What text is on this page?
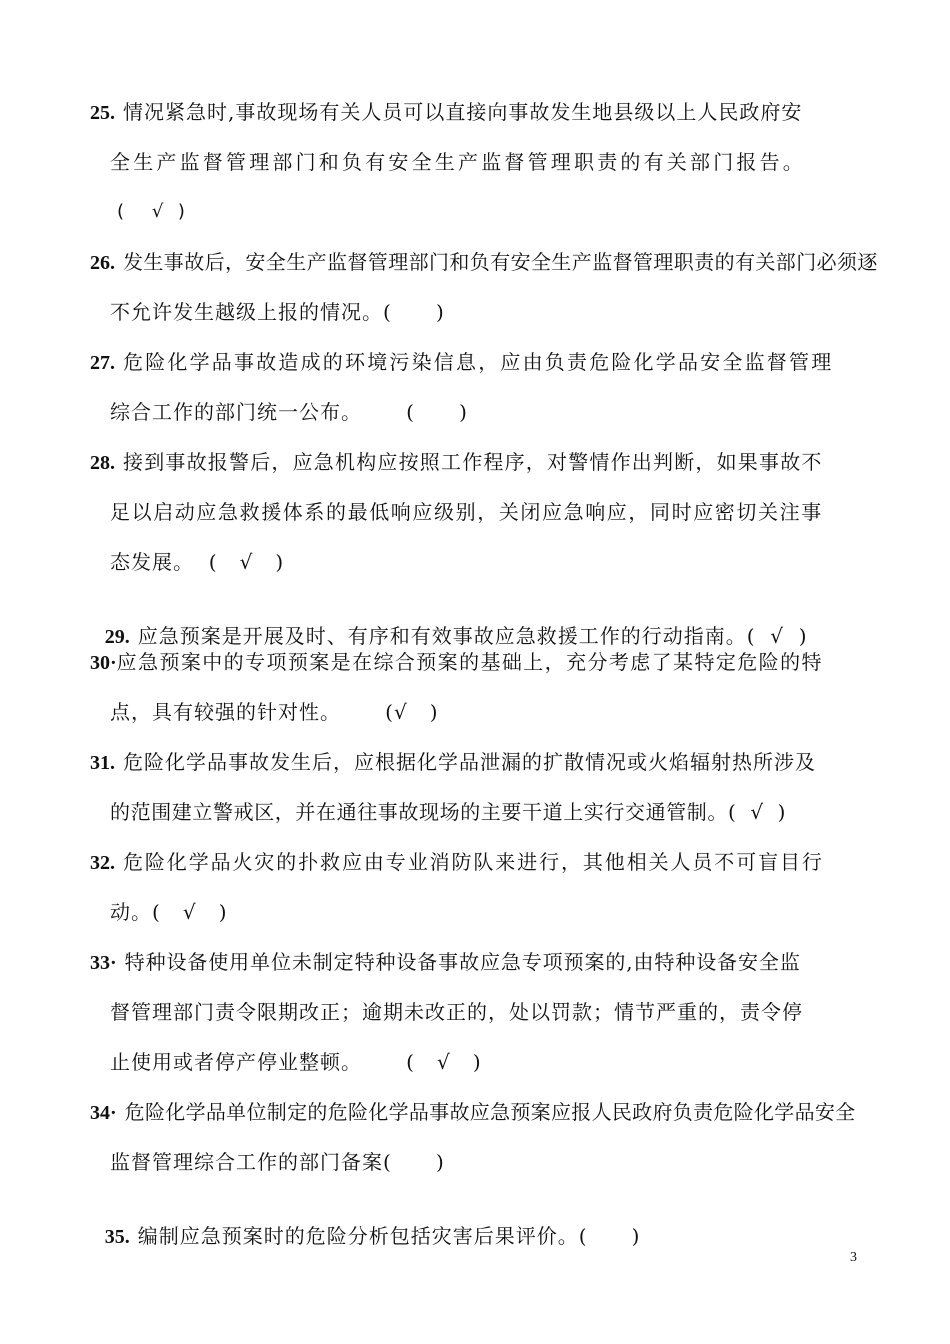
25. 情况紧急时,事故现场有关人员可以直接向事故发生地县级以上人民政府安
全生产监督管理部门和负有安全生产监督管理职责的有关部门报告。
(    √  )
26. 发生事故后，安全生产监督管理部门和负有安全生产监督管理职责的有关部门必须逐
不允许发生越级上报的情况。(      )
27. 危险化学品事故造成的环境污染信息，应由负责危险化学品安全监督管理
综合工作的部门统一公布。      (      )
28. 接到事故报警后，应急机构应按照工作程序，对警情作出判断，如果事故不
足以启动应急救援体系的最低响应级别，关闭应急响应，同时应密切关注事
态发展。  (   √   )

29. 应急预案是开展及时、有序和有效事故应急救援工作的行动指南。(  √  )

30·应急预案中的专项预案是在综合预案的基础上，充分考虑了某特定危险的特
点，具有较强的针对性。      (√   )
31. 危险化学品事故发生后，应根据化学品泄漏的扩散情况或火焰辐射热所涉及
的范围建立警戒区，并在通往事故现场的主要干道上实行交通管制。(  √  )
32. 危险化学品火灾的扑救应由专业消防队来进行，其他相关人员不可盲目行
动。(   √   )
33· 特种设备使用单位未制定特种设备事故应急专项预案的,由特种设备安全监
督管理部门责令限期改正；逾期未改正的，处以罚款；情节严重的，责令停
止使用或者停产停业整顿。      (   √   )
34· 危险化学品单位制定的危险化学品事故应急预案应报人民政府负责危险化学品安全
监督管理综合工作的部门备案(      )

35. 编制应急预案时的危险分析包括灾害后果评价。(      )

3
